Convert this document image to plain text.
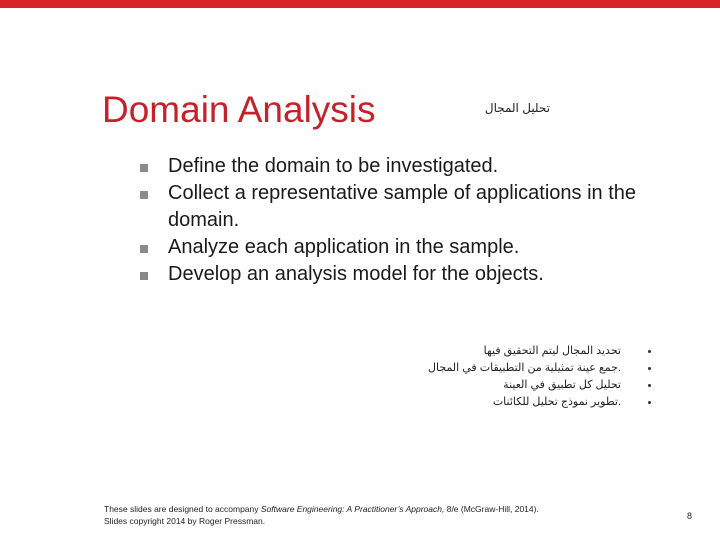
Domain Analysis	تحليل المجال
Define the domain to be investigated.
Collect a representative sample of applications in the domain.
Analyze each application in the sample.
Develop an analysis model for the objects.
تحديد المجال ليتم التحقيق فيها
.جمع عينة تمثيلية من التطبيقات في المجال
تحليل كل تطبيق في العينة
.تطوير نموذج تحليل للكائنات
These slides are designed to accompany Software Engineering: A Practitioner’s Approach, 8/e (McGraw-Hill, 2014). Slides copyright 2014 by Roger Pressman.	8
